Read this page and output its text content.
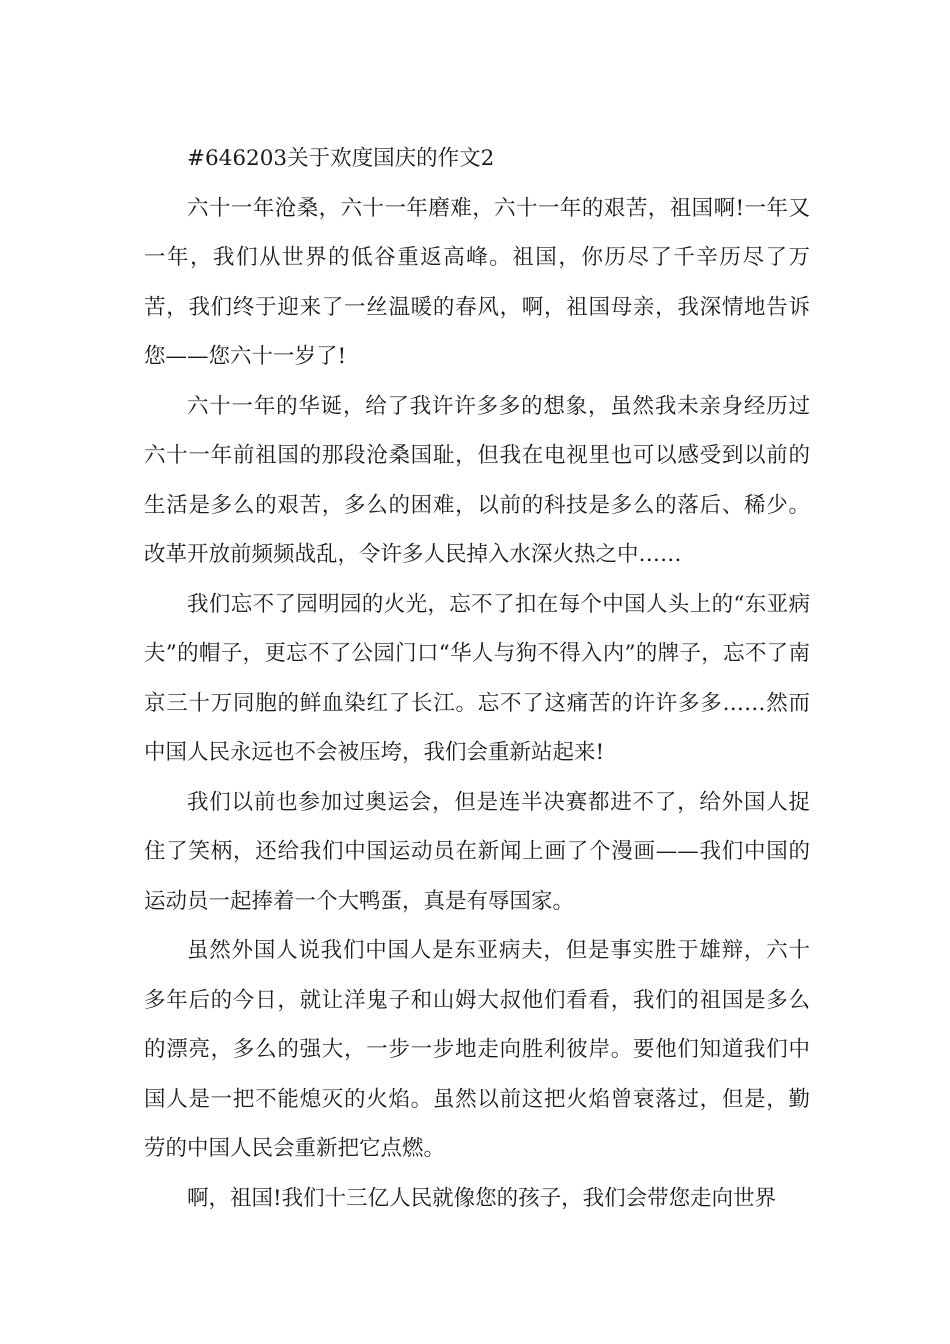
#646203关于欢度国庆的作文2

六十一年沧桑，六十一年磨难，六十一年的艰苦，祖国啊!一年又一年，我们从世界的低谷重返高峰。祖国，你历尽了千辛历尽了万苦，我们终于迎来了一丝温暖的春风，啊，祖国母亲，我深情地告诉您——您六十一岁了!

六十一年的华诞，给了我许许多多的想象，虽然我未亲身经历过六十一年前祖国的那段沧桑国耻，但我在电视里也可以感受到以前的生活是多么的艰苦，多么的困难，以前的科技是多么的落后、稀少。改革开放前频频战乱，令许多人民掉入水深火热之中……

我们忘不了园明园的火光，忘不了扣在每个中国人头上的“东亚病夫”的帽子，更忘不了公园门口“华人与狗不得入内”的牌子，忘不了南京三十万同胞的鲜血染红了长江。忘不了这痛苦的许许多多……然而中国人民永远也不会被压垮，我们会重新站起来!

我们以前也参加过奥运会，但是连半决赛都进不了，给外国人捉住了笑柄，还给我们中国运动员在新闻上画了个漫画——我们中国的运动员一起捧着一个大鸭蛋，真是有辱国家。

虽然外国人说我们中国人是东亚病夫，但是事实胜于雄辩，六十多年后的今日，就让洋鬼子和山姆大叔他们看看，我们的祖国是多么的漂亮，多么的强大，一步一步地走向胜利彼岸。要他们知道我们中国人是一把不能熄灭的火焰。虽然以前这把火焰曾衰落过，但是，勤劳的中国人民会重新把它点燃。

啊，祖国!我们十三亿人民就像您的孩子，我们会带您走向世界
